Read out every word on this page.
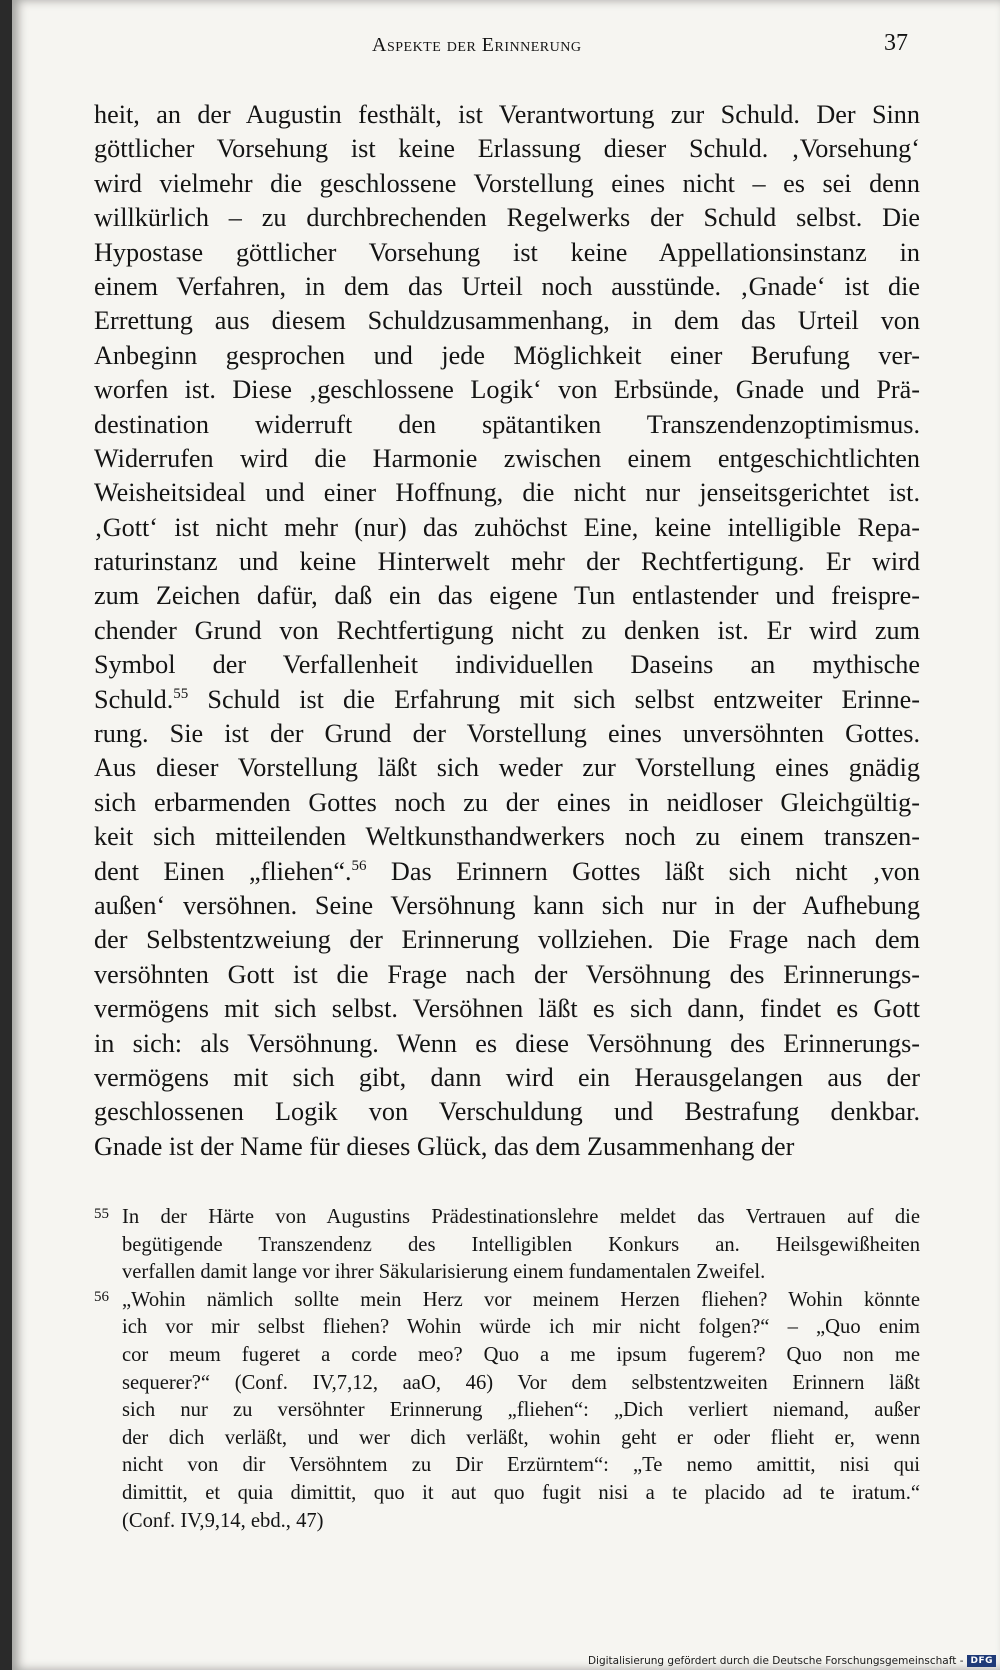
Aspekte der Erinnerung	37
heit, an der Augustin festhält, ist Verantwortung zur Schuld. Der Sinn
göttlicher Vorsehung ist keine Erlassung dieser Schuld. ‚Vorsehung‘
wird vielmehr die geschlossene Vorstellung eines nicht – es sei denn
willkürlich – zu durchbrechenden Regelwerks der Schuld selbst. Die
Hypostase göttlicher Vorsehung ist keine Appellationsinstanz in
einem Verfahren, in dem das Urteil noch ausstünde. ‚Gnade‘ ist die
Errettung aus diesem Schuldzusammenhang, in dem das Urteil von
Anbeginn gesprochen und jede Möglichkeit einer Berufung ver-
worfen ist. Diese ‚geschlossene Logik‘ von Erbsünde, Gnade und Prä-
destination widerruft den spätantiken Transzendenzoptimismus.
Widerrufen wird die Harmonie zwischen einem entgeschichtlichten
Weisheitsideal und einer Hoffnung, die nicht nur jenseitsgerichtet ist.
‚Gott‘ ist nicht mehr (nur) das zuhöchst Eine, keine intelligible Repa-
raturinstanz und keine Hinterwelt mehr der Rechtfertigung. Er wird
zum Zeichen dafür, daß ein das eigene Tun entlastender und freispre-
chender Grund von Rechtfertigung nicht zu denken ist. Er wird zum
Symbol der Verfallenheit individuellen Daseins an mythische
Schuld.$^{55}$ Schuld ist die Erfahrung mit sich selbst entzweiter Erinne-
rung. Sie ist der Grund der Vorstellung eines unversöhnten Gottes.
Aus dieser Vorstellung läßt sich weder zur Vorstellung eines gnädig
sich erbarmenden Gottes noch zu der eines in neidloser Gleichgültig-
keit sich mitteilenden Weltkunsthandwerkers noch zu einem transzen-
dent Einen „fliehen“.$^{56}$ Das Erinnern Gottes läßt sich nicht ‚von
außen‘ versöhnen. Seine Versöhnung kann sich nur in der Aufhebung
der Selbstentzweiung der Erinnerung vollziehen. Die Frage nach dem
versöhnten Gott ist die Frage nach der Versöhnung des Erinnerungs-
vermögens mit sich selbst. Versöhnen läßt es sich dann, findet es Gott
in sich: als Versöhnung. Wenn es diese Versöhnung des Erinnerungs-
vermögens mit sich gibt, dann wird ein Herausgelangen aus der
geschlossenen Logik von Verschuldung und Bestrafung denkbar.
Gnade ist der Name für dieses Glück, das dem Zusammenhang der
55 In der Härte von Augustins Prädestinationslehre meldet das Vertrauen auf die
begütigende Transzendenz des Intelligiblen Konkurs an. Heilsgewißheiten
verfallen damit lange vor ihrer Säkularisierung einem fundamentalen Zweifel.
56 „Wohin nämlich sollte mein Herz vor meinem Herzen fliehen? Wohin könnte
ich vor mir selbst fliehen? Wohin würde ich mir nicht folgen?“ – „Quo enim
cor meum fugeret a corde meo? Quo a me ipsum fugerem? Quo non me
sequerer?“ (Conf. IV,7,12, aaO, 46) Vor dem selbstentzweiten Erinnern läßt
sich nur zu versöhnter Erinnerung „fliehen“: „Dich verliert niemand, außer
der dich verläßt, und wer dich verläßt, wohin geht er oder flieht er, wenn
nicht von dir Versöhntem zu Dir Erzürntem“: „Te nemo amittit, nisi qui
dimittit, et quia dimittit, quo it aut quo fugit nisi a te placido ad te iratum.“
(Conf. IV,9,14, ebd., 47)
Digitalisierung gefördert durch die Deutsche Forschungsgemeinschaft - DFG
